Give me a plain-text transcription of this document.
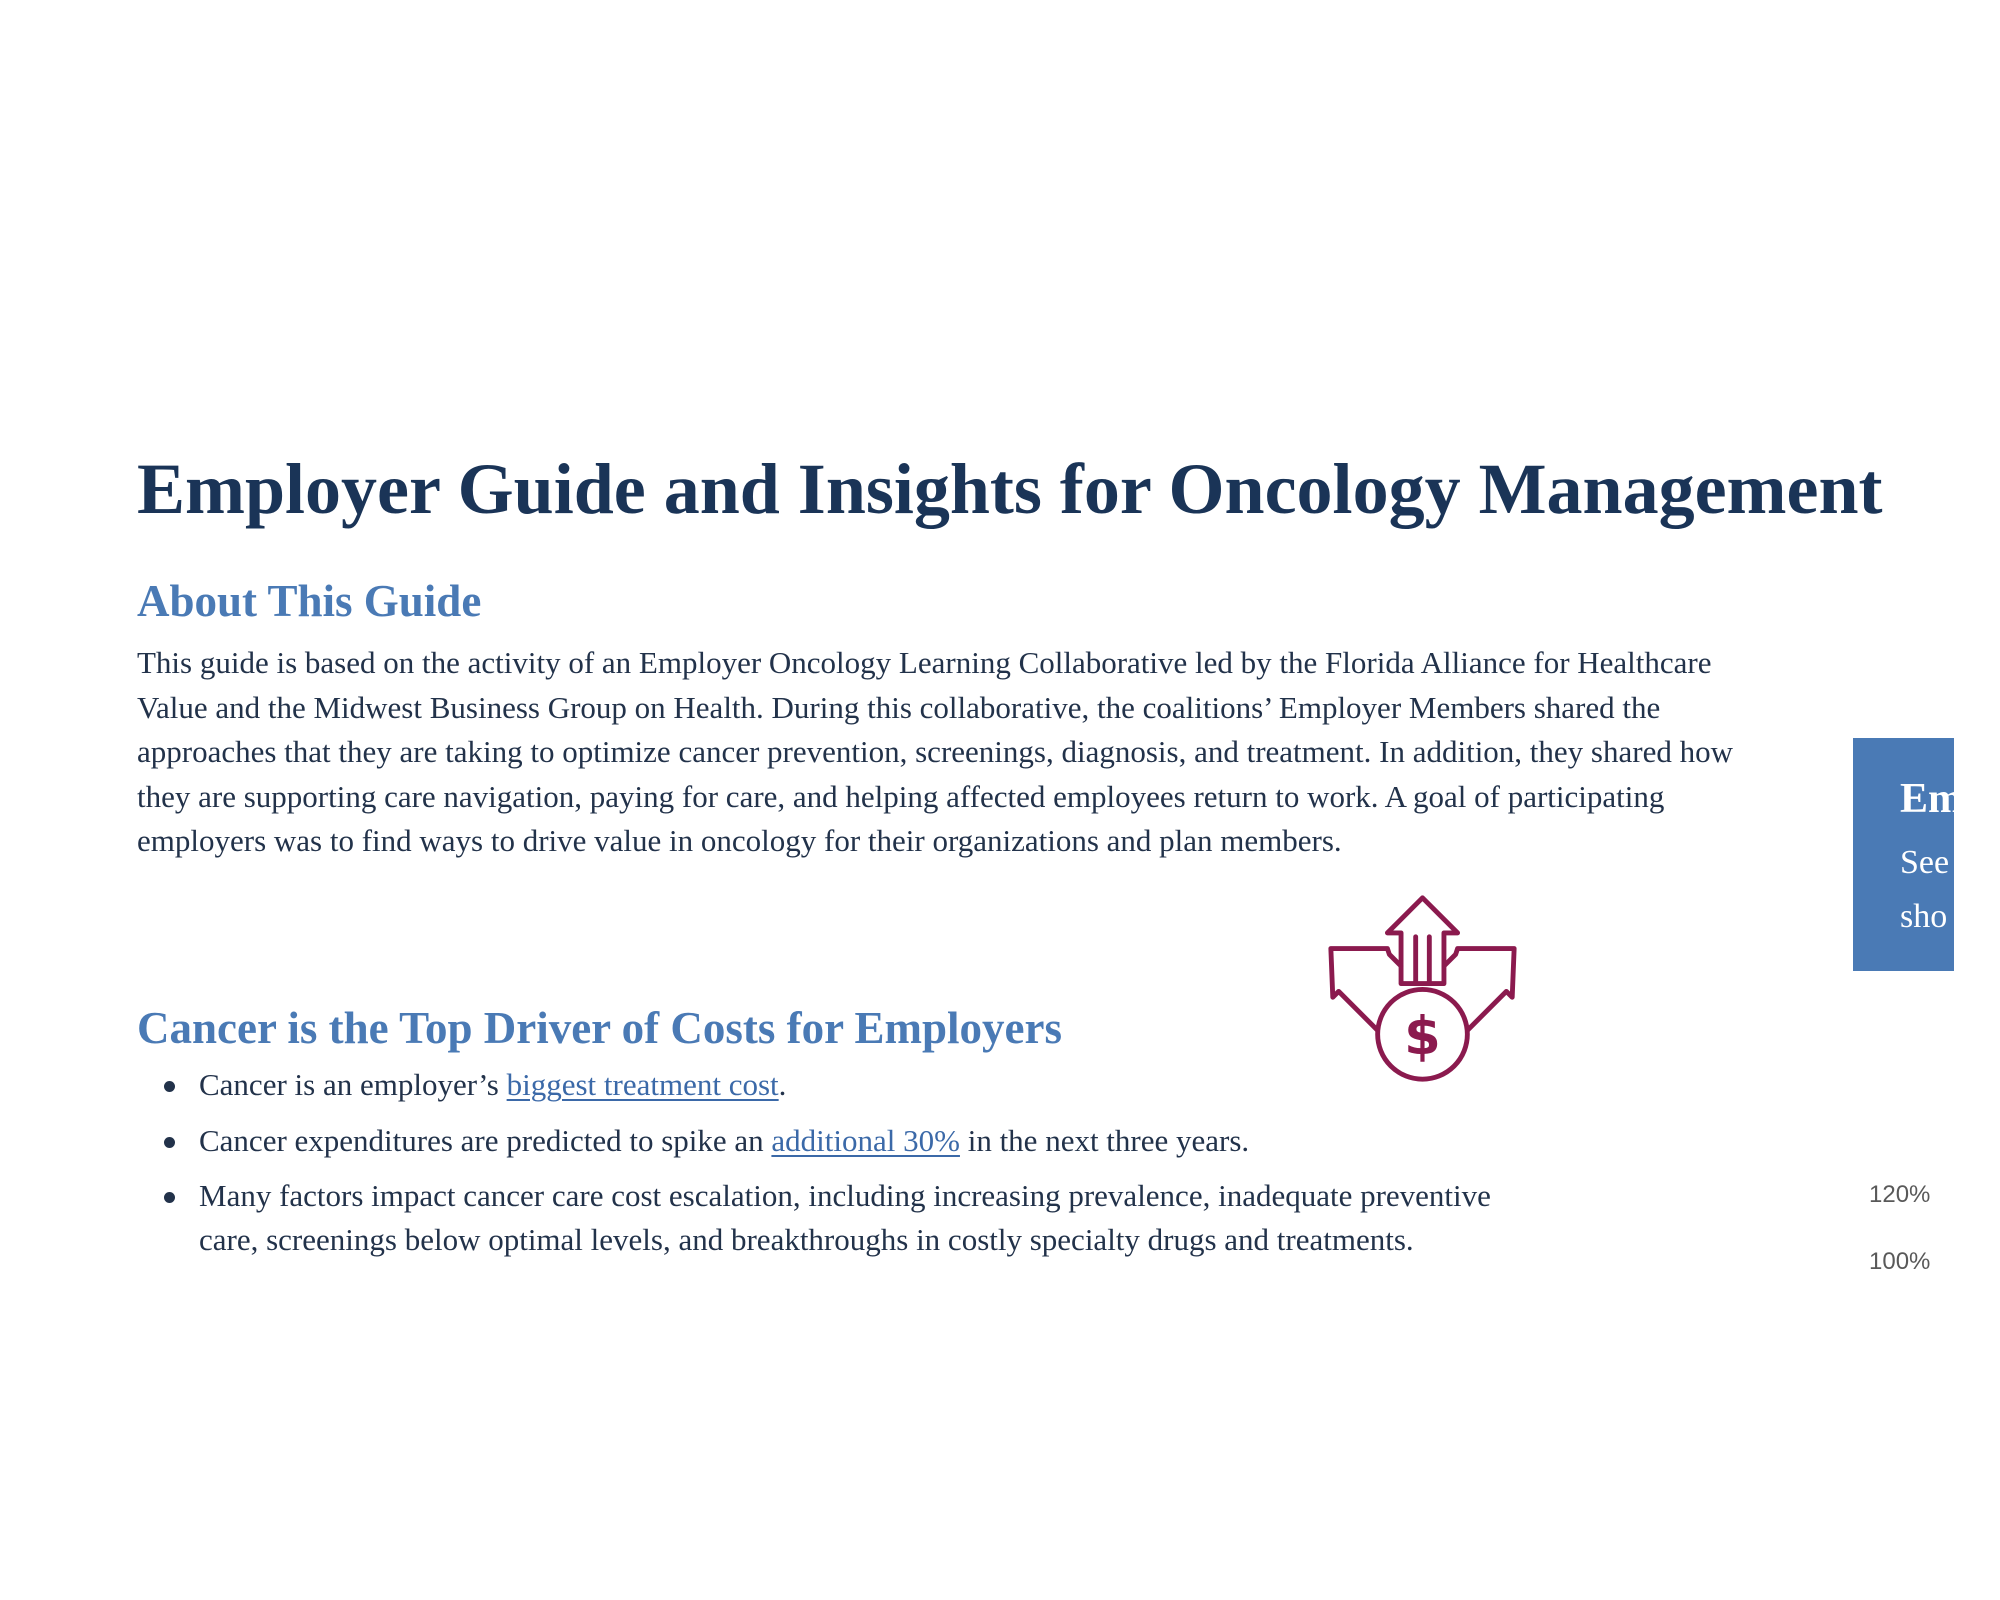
Employer Guide and Insights for Oncology Management
About This Guide

This guide is based on the activity of an Employer Oncology Learning Collaborative led by the Florida Alliance for Healthcare Value and the Midwest Business Group on Health. During this collaborative, the coalitions’ Employer Members shared the approaches that they are taking to optimize cancer prevention, screenings, diagnosis, and treatment. In addition, they shared how they are supporting care navigation, paying for care, and helping affected employees return to work. A goal of participating employers was to find ways to drive value in oncology for their organizations and plan members.

$
Cancer is the Top Driver of Costs for Employers
Cancer is an employer’s biggest treatment cost.
Cancer expenditures are predicted to spike an additional 30% in the next three years.
Many factors impact cancer care cost escalation, including increasing prevalence, inadequate preventive care, screenings below optimal levels, and breakthroughs in costly specialty drugs and treatments.

Em

See

sho

120%

100%
